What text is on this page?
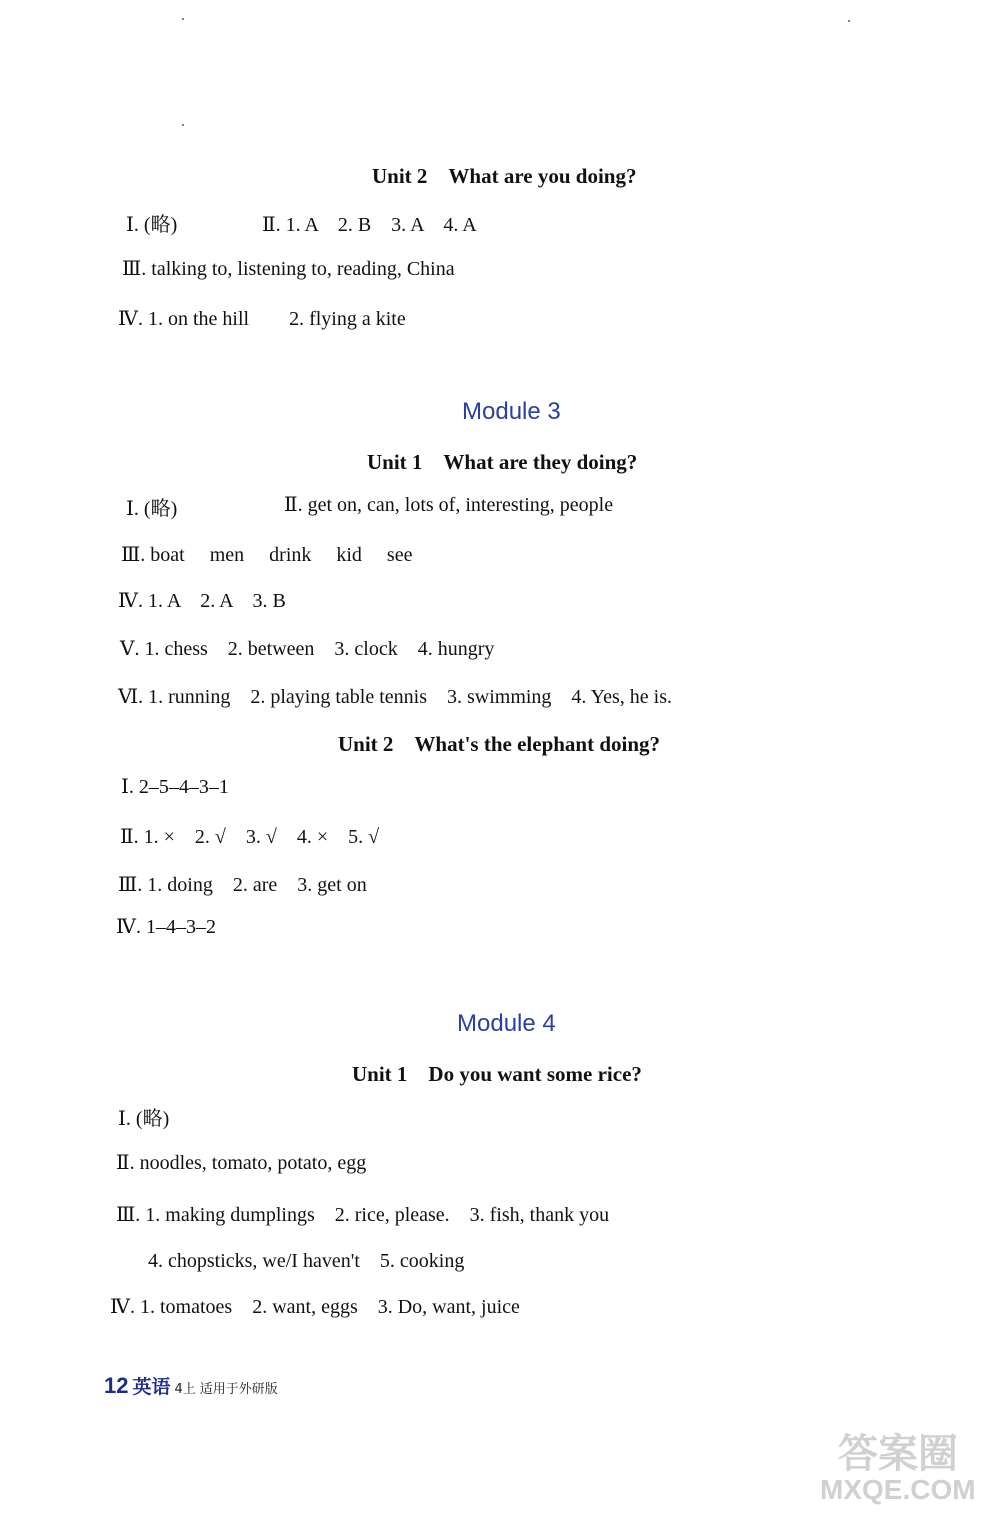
Unit 2　What are you doing?
Ⅰ. (略)	Ⅱ. 1. A　2. B　3. A　4. A
Ⅲ. talking to, listening to, reading, China
Ⅳ. 1. on the hill　　2. flying a kite
Module 3
Unit 1　What are they doing?
Ⅰ. (略)	Ⅱ. get on, can, lots of, interesting, people
Ⅲ. boat　 men　 drink　 kid　 see
Ⅳ. 1. A　2. A　3. B
Ⅴ. 1. chess　2. between　3. clock　4. hungry
Ⅵ. 1. running　2. playing table tennis　3. swimming　4. Yes, he is.
Unit 2　What's the elephant doing?
Ⅰ. 2–5–4–3–1
Ⅱ. 1. ×　2. √　3. √　4. ×　5. √
Ⅲ. 1. doing　2. are　3. get on
Ⅳ. 1–4–3–2
Module 4
Unit 1　Do you want some rice?
Ⅰ. (略)
Ⅱ. noodles, tomato, potato, egg
Ⅲ. 1. making dumplings　2. rice, please.　3. fish, thank you
4. chopsticks, we/I haven't　5. cooking
Ⅳ. 1. tomatoes　2. want, eggs　3. Do, want, juice
12 英语 4上 适用于外研版
答案圈
MXQE.COM
